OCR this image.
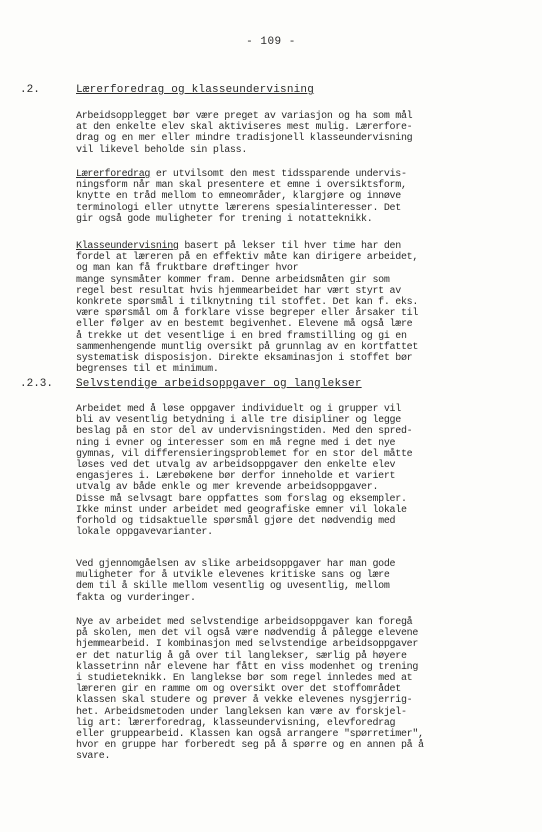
- 109 -
.2.	Lærerforedrag og klasseundervisning

Arbeidsopplegget bør være preget av variasjon og ha som mål
at den enkelte elev skal aktiviseres mest mulig. Lærerfore-
drag og en mer eller mindre tradisjonell klasseundervisning
vil likevel beholde sin plass.

Lærerforedrag er utvilsomt den mest tidssparende undervis-
ningsform når man skal presentere et emne i oversiktsform,
knytte en tråd mellom to emneområder, klargjøre og innøve
terminologi eller utnytte lærerens spesialinteresser. Det
gir også gode muligheter for trening i notatteknikk.

Klasseundervisning basert på lekser til hver time har den
fordel at læreren på en effektiv måte kan dirigere arbeidet,
og man kan få fruktbare drøftinger hvor
mange synsmåter kommer fram. Denne arbeidsmåten gir som
regel best resultat hvis hjemmearbeidet har vært styrt av
konkrete spørsmål i tilknytning til stoffet. Det kan f. eks.
være spørsmål om å forklare visse begreper eller årsaker til
eller følger av en bestemt begivenhet. Elevene må også lære
å trekke ut det vesentlige i en bred framstilling og gi en
sammenhengende muntlig oversikt på grunnlag av en kortfattet
systematisk disposisjon. Direkte eksaminasjon i stoffet bør
begrenses til et minimum.

.2.3. Selvstendige arbeidsoppgaver og langlekser

Arbeidet med å løse oppgaver individuelt og i grupper vil
bli av vesentlig betydning i alle tre disipliner og legge
beslag på en stor del av undervisningstiden. Med den spred-
ning i evner og interesser som en må regne med i det nye
gymnas, vil differensieringsproblemet for en stor del måtte
løses ved det utvalg av arbeidsoppgaver den enkelte elev
engasjeres i. Lærebøkene bør derfor inneholde et variert
utvalg av både enkle og mer krevende arbeidsoppgaver.
Disse må selvsagt bare oppfattes som forslag og eksempler.
Ikke minst under arbeidet med geografiske emner vil lokale
forhold og tidsaktuelle spørsmål gjøre det nødvendig med
lokale oppgavevarianter.

Ved gjennomgåelsen av slike arbeidsoppgaver har man gode
muligheter for å utvikle elevenes kritiske sans og lære
dem til å skille mellom vesentlig og uvesentlig, mellom
fakta og vurderinger.

Nye av arbeidet med selvstendige arbeidsoppgaver kan foregå
på skolen, men det vil også være nødvendig å pålegge elevene
hjemmearbeid. I kombinasjon med selvstendige arbeidsoppgaver
er det naturlig å gå over til langlekser, særlig på høyere
klassetrinn når elevene har fått en viss modenhet og trening
i studieteknikk. En langlekse bør som regel innledes med at
læreren gir en ramme om og oversikt over det stoffområdet
klassen skal studere og prøver å vekke elevenes nysgjerrig-
het. Arbeidsmetoden under langleksen kan være av forskjel-
lig art: lærerforedrag, klasseundervisning, elevforedrag
eller gruppearbeid. Klassen kan også arrangere "spørretimer",
hvor en gruppe har forberedt seg på å spørre og en annen på å
svare.
